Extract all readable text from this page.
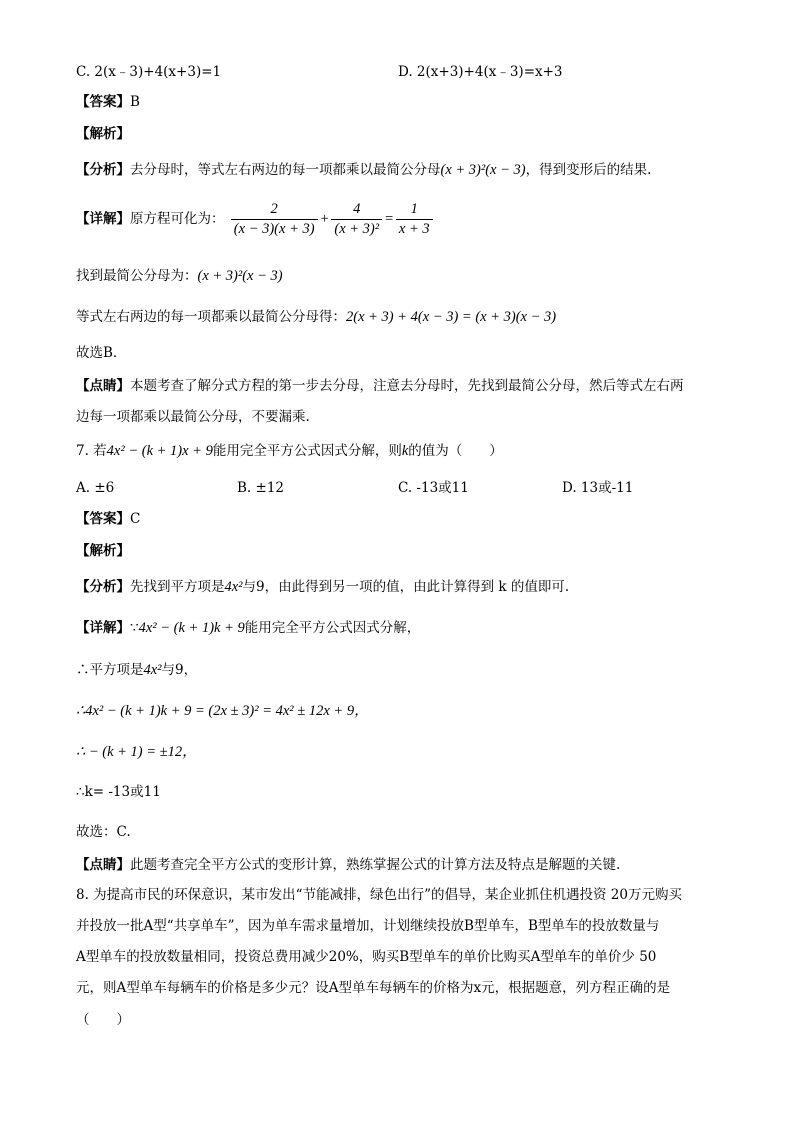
C. 2(x﹣3)+4(x+3)=1	D. 2(x+3)+4(x﹣3)=x+3
【答案】B
【解析】
【分析】去分母时，等式左右两边的每一项都乘以最简公分母(x + 3)²(x − 3)，得到变形后的结果.
【详解】原方程可化为： $\frac{2}{(x - 3)(x + 3)} + \frac{4}{\text{(x + 3)²}} = \frac{1}{x + 3}$
找到最简公分母为：(x + 3)²(x − 3)
等式左右两边的每一项都乘以最简公分母得：2(x + 3) + 4(x − 3) = (x + 3)(x − 3)
故选B．
【点睛】本题考查了解分式方程的第一步去分母，注意去分母时，先找到最简公分母，然后等式左右两
边每一项都乘以最简公分母，不要漏乘.
7. 若4x² − (k + 1)x + 9能用完全平方公式因式分解，则k的值为（　　）
A. ±6	B. ±12	C. -13或11	D. 13或-11
【答案】C
【解析】
【分析】先找到平方项是4x²与9，由此得到另一项的值，由此计算得到 k 的值即可.
【详解】∵4x² − (k + 1)k + 9能用完全平方公式因式分解，
∴平方项是4x²与9，
∴4x² − (k + 1)k + 9 = (2x ± 3)² = 4x² ± 12x + 9，
∴ − (k + 1) = ±12，
∴k= -13或11
故选：C.
【点睛】此题考查完全平方公式的变形计算，熟练掌握公式的计算方法及特点是解题的关键.
8. 为提高市民的环保意识，某市发出“节能减排，绿色出行”的倡导，某企业抓住机遇投资 20万元购买
并投放一批A型“共享单车”，因为单车需求量增加，计划继续投放B型单车，B型单车的投放数量与
A型单车的投放数量相同，投资总费用减少20%，购买B型单车的单价比购买A型单车的单价少 50
元，则A型单车每辆车的价格是多少元？设A型单车每辆车的价格为x元，根据题意，列方程正确的是
（　　）
